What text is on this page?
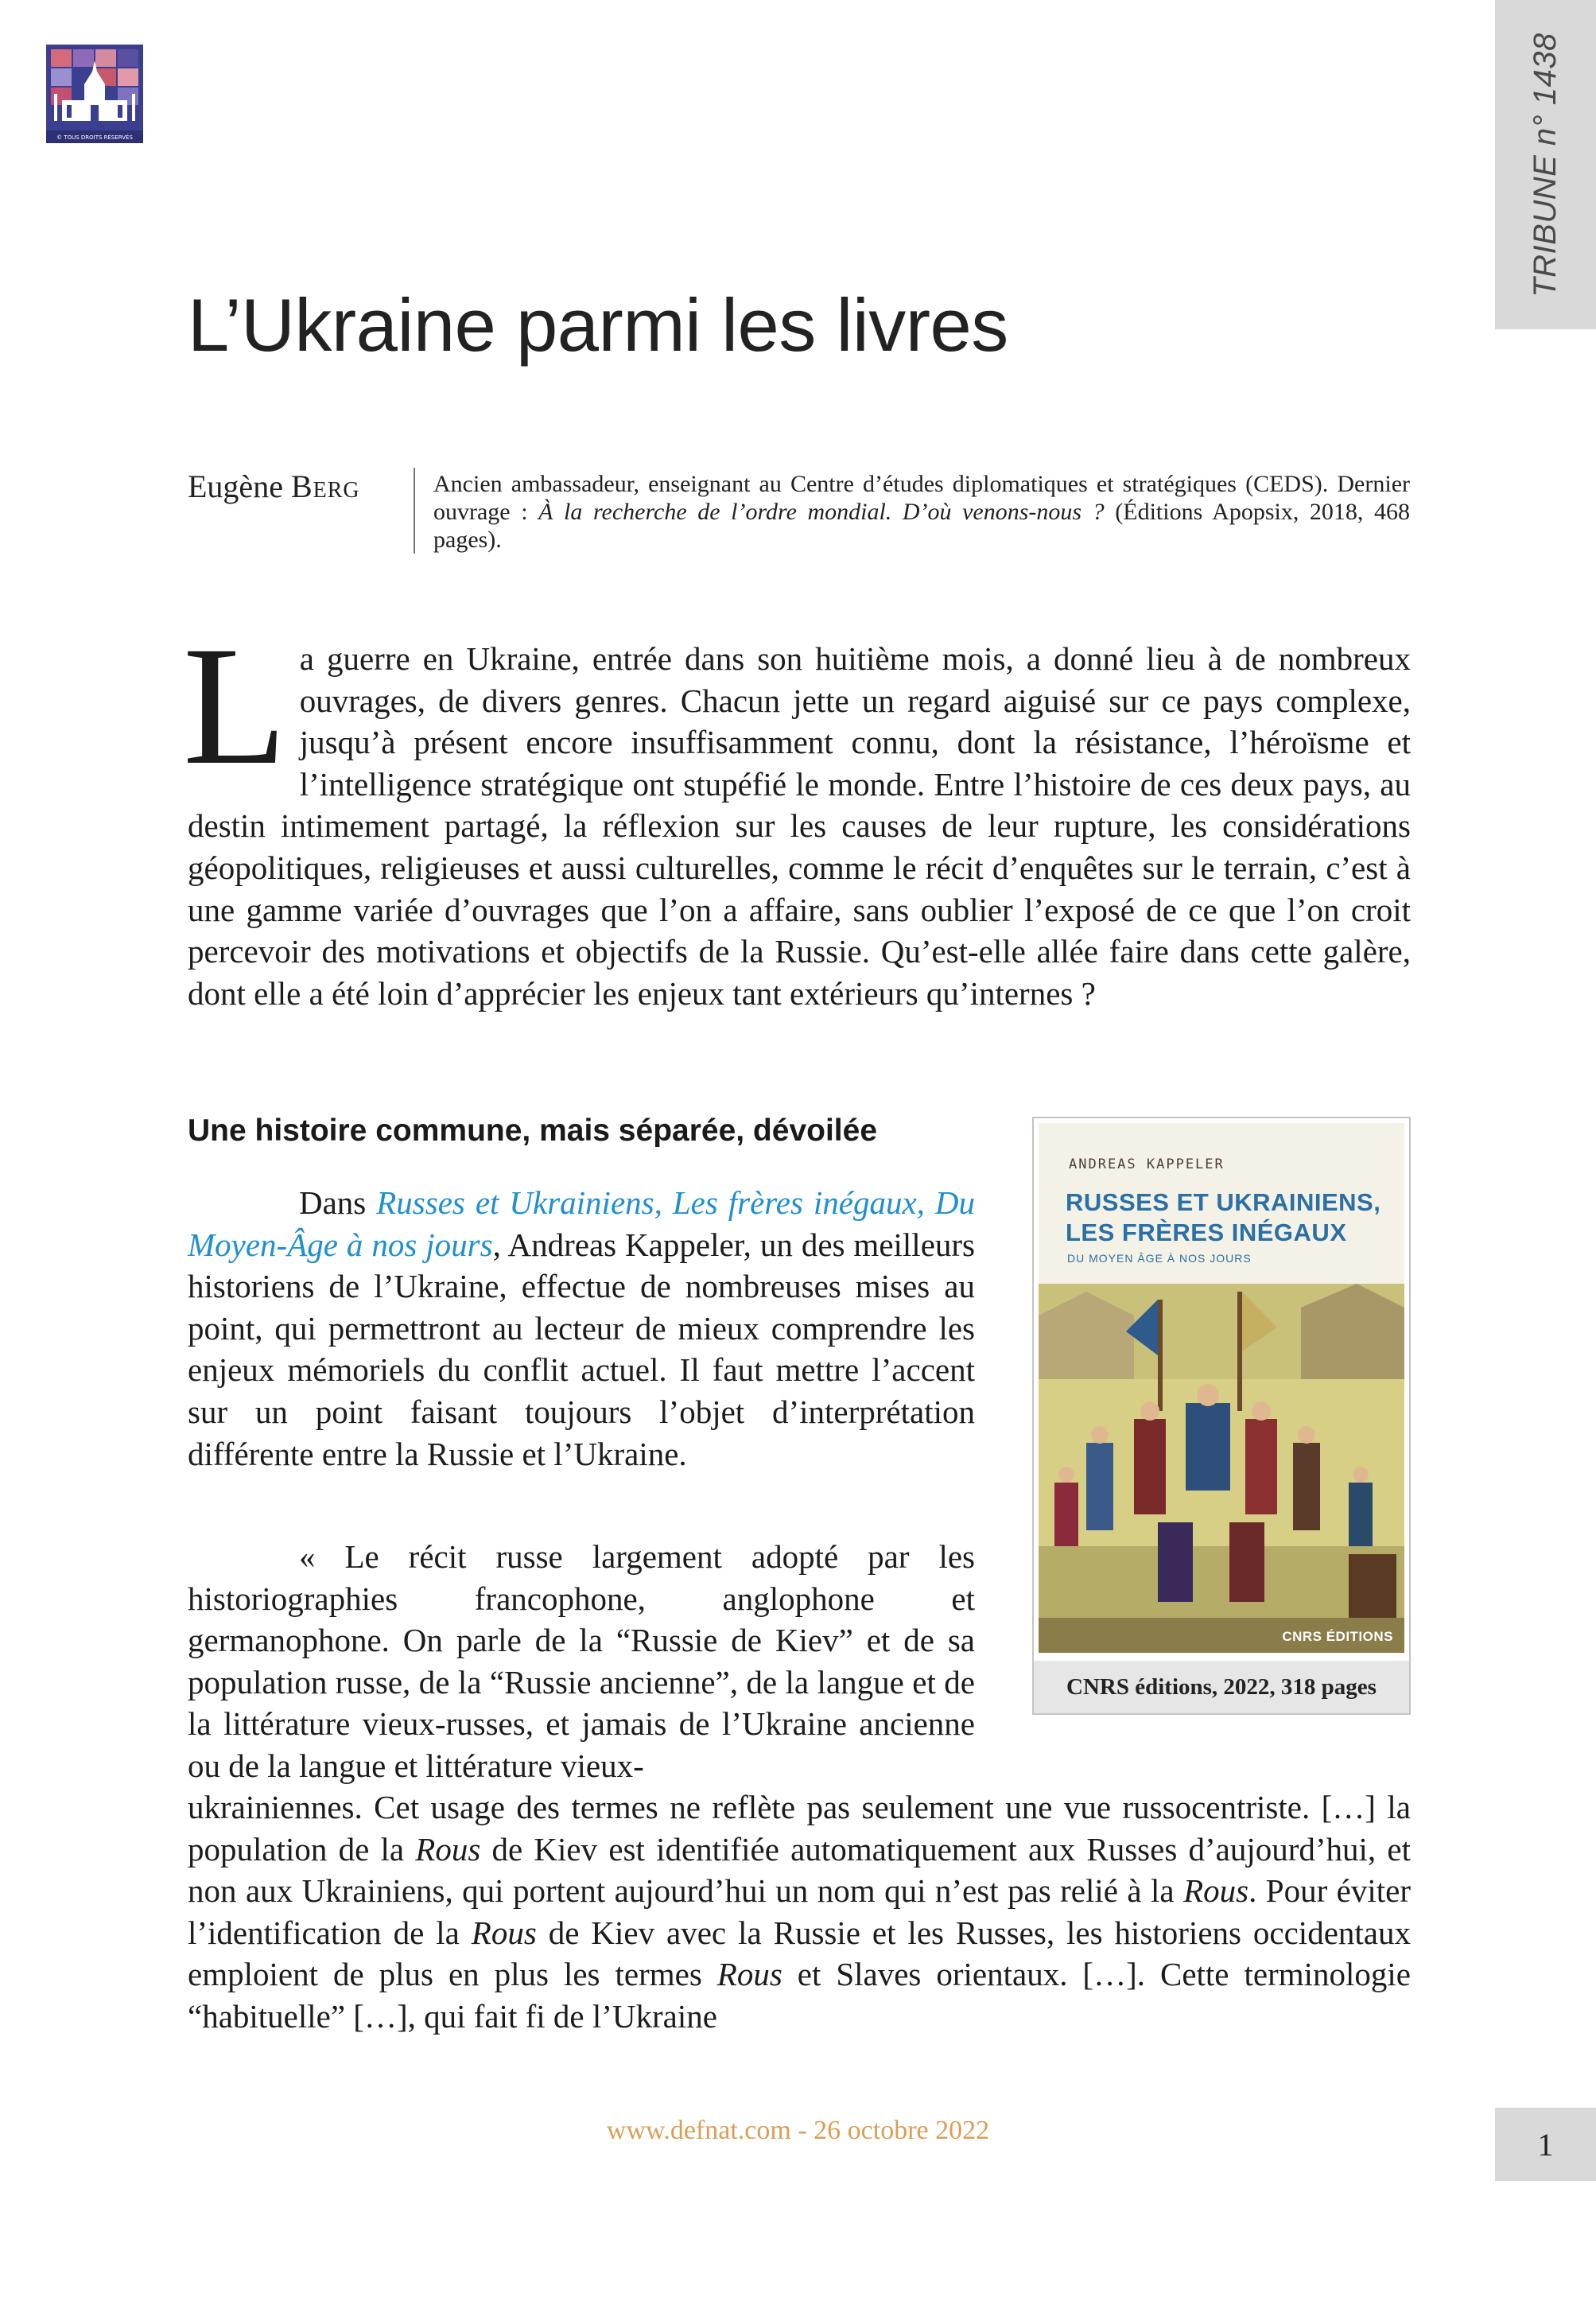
© TOUS DROITS RÉSERVÉS	TRIBUNE n° 1438
L’Ukraine parmi les livres
Eugène Berg	Ancien ambassadeur, enseignant au Centre d’études diplomatiques et stratégiques (CEDS). Dernier ouvrage : À la recherche de l’ordre mondial. D’où venons-nous ? (Éditions Apopsix, 2018, 468 pages).
La guerre en Ukraine, entrée dans son huitième mois, a donné lieu à de nombreux ouvrages, de divers genres. Chacun jette un regard aiguisé sur ce pays complexe, jusqu’à présent encore insuffisamment connu, dont la résistance, l’héroïsme et l’intelligence stratégique ont stupéfié le monde. Entre l’histoire de ces deux pays, au destin intimement partagé, la réflexion sur les causes de leur rupture, les considérations géopolitiques, religieuses et aussi culturelles, comme le récit d’enquêtes sur le terrain, c’est à une gamme variée d’ouvrages que l’on a affaire, sans oublier l’exposé de ce que l’on croit percevoir des motivations et objectifs de la Russie. Qu’est-elle allée faire dans cette galère, dont elle a été loin d’apprécier les enjeux tant extérieurs qu’internes ?
Une histoire commune, mais séparée, dévoilée
Dans Russes et Ukrainiens, Les frères inégaux, Du Moyen-Âge à nos jours, Andreas Kappeler, un des meilleurs historiens de l’Ukraine, effectue de nombreuses mises au point, qui permettront au lecteur de mieux comprendre les enjeux mémoriels du conflit actuel. Il faut mettre l’accent sur un point faisant toujours l’objet d’interprétation différente entre la Russie et l’Ukraine.
« Le récit russe largement adopté par les historiographies francophone, anglophone et germanophone. On parle de la “Russie de Kiev” et de sa population russe, de la “Russie ancienne”, de la langue et de la littérature vieux-russes, et jamais de l’Ukraine ancienne ou de la langue et littérature vieux-
ukrainiennes. Cet usage des termes ne reflète pas seulement une vue russocentriste. […] la population de la Rous de Kiev est identifiée automatiquement aux Russes d’aujourd’hui, et non aux Ukrainiens, qui portent aujourd’hui un nom qui n’est pas relié à la Rous. Pour éviter l’identification de la Rous de Kiev avec la Russie et les Russes, les historiens occidentaux emploient de plus en plus les termes Rous et Slaves orientaux. […]. Cette terminologie “habituelle” […], qui fait fi de l’Ukraine
ANDREAS KAPPELER
RUSSES ET UKRAINIENS,
LES FRÈRES INÉGAUX
DU MOYEN ÂGE À NOS JOURS
CNRS ÉDITIONS
CNRS éditions, 2022, 318 pages
www.defnat.com - 26 octobre 2022	1
